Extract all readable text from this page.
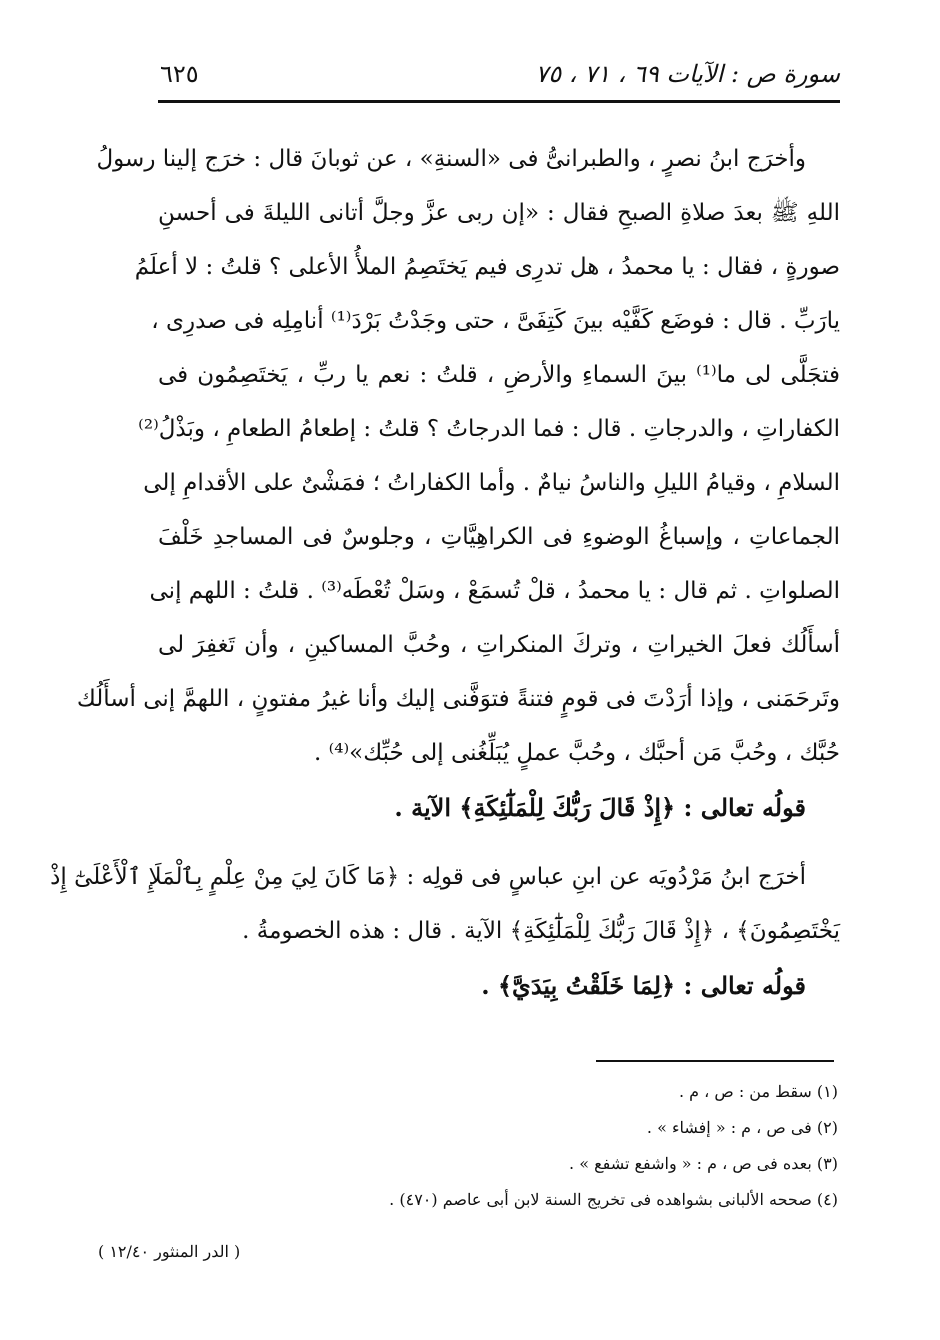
سورة ص : الآيات ٦٩ ، ٧١ ، ٧٥
٦٢٥
وأخرَج ابنُ نصرٍ ، والطبرانىُّ فى «السنةِ» ، عن ثوبانَ قال : خرَج إلينا رسولُ
اللهِ ﷺ بعدَ صلاةِ الصبحِ فقال : «إن ربى عزَّ وجلَّ أتانى الليلةَ فى أحسنِ
صورةٍ ، فقال : يا محمدُ ، هل تدرِى فيم يَختَصِمُ الملأُ الأعلى ؟ قلتُ : لا أعلَمُ
يارَبِّ . قال : فوضَع كَفَّيْه بينَ كَتِفَىَّ ، حتى وجَدْتُ بَرْدَ⁽¹⁾ أنامِلِه فى صدرِى ،
فتجَلَّى لى ما⁽¹⁾ بينَ السماءِ والأرضِ ، قلتُ : نعم يا ربِّ ، يَختَصِمُون فى
الكفاراتِ ، والدرجاتِ . قال : فما الدرجاتُ ؟ قلتُ : إطعامُ الطعامِ ، وبَذْلُ⁽²⁾
السلامِ ، وقيامُ الليلِ والناسُ نيامٌ . وأما الكفاراتُ ؛ فمَشْىٌ على الأقدامِ إلى
الجماعاتِ ، وإسباغُ الوضوءِ فى الكراهِيَّاتِ ، وجلوسٌ فى المساجدِ خَلْفَ
الصلواتِ . ثم قال : يا محمدُ ، قلْ تُسمَعْ ، وسَلْ تُعْطَه⁽³⁾ . قلتُ : اللهم إنى
أسأَلُك فعلَ الخيراتِ ، وتركَ المنكراتِ ، وحُبَّ المساكينِ ، وأن تَغفِرَ لى
وتَرحَمَنى ، وإذا أرَدْتَ فى قومٍ فتنةً فتوَفَّنى إليك وأنا غيرُ مفتونٍ ، اللهمَّ إنى أسأَلُك
حُبَّك ، وحُبَّ مَن أحبَّك ، وحُبَّ عملٍ يُبَلِّغُنى إلى حُبِّك»⁽⁴⁾ .
قولُه تعالى : ﴿إِذْ قَالَ رَبُّكَ لِلْمَلَٰٓئِكَةِ﴾ الآية .
أخرَج ابنُ مَرْدُويَه عن ابنِ عباسٍ فى قولِه : ﴿مَا كَانَ لِيَ مِنْ عِلْمٍ بِٱلْمَلَإِ ٱلْأَعْلَىٰٓ إِذْ
يَخْتَصِمُونَ﴾ ، ﴿إِذْ قَالَ رَبُّكَ لِلْمَلَٰٓئِكَةِ﴾ الآية . قال : هذه الخصومةُ .
قولُه تعالى : ﴿لِمَا خَلَقْتُ بِيَدَيَّ﴾ .
(١) سقط من : ص ، م .
(٢) فى ص ، م : « إفشاء » .
(٣) بعده فى ص ، م : « واشفع تشفع » .
(٤) صححه الألبانى بشواهده فى تخريج السنة لابن أبى عاصم (٤٧٠) .
( الدر المنثور ١٢/٤٠ )
